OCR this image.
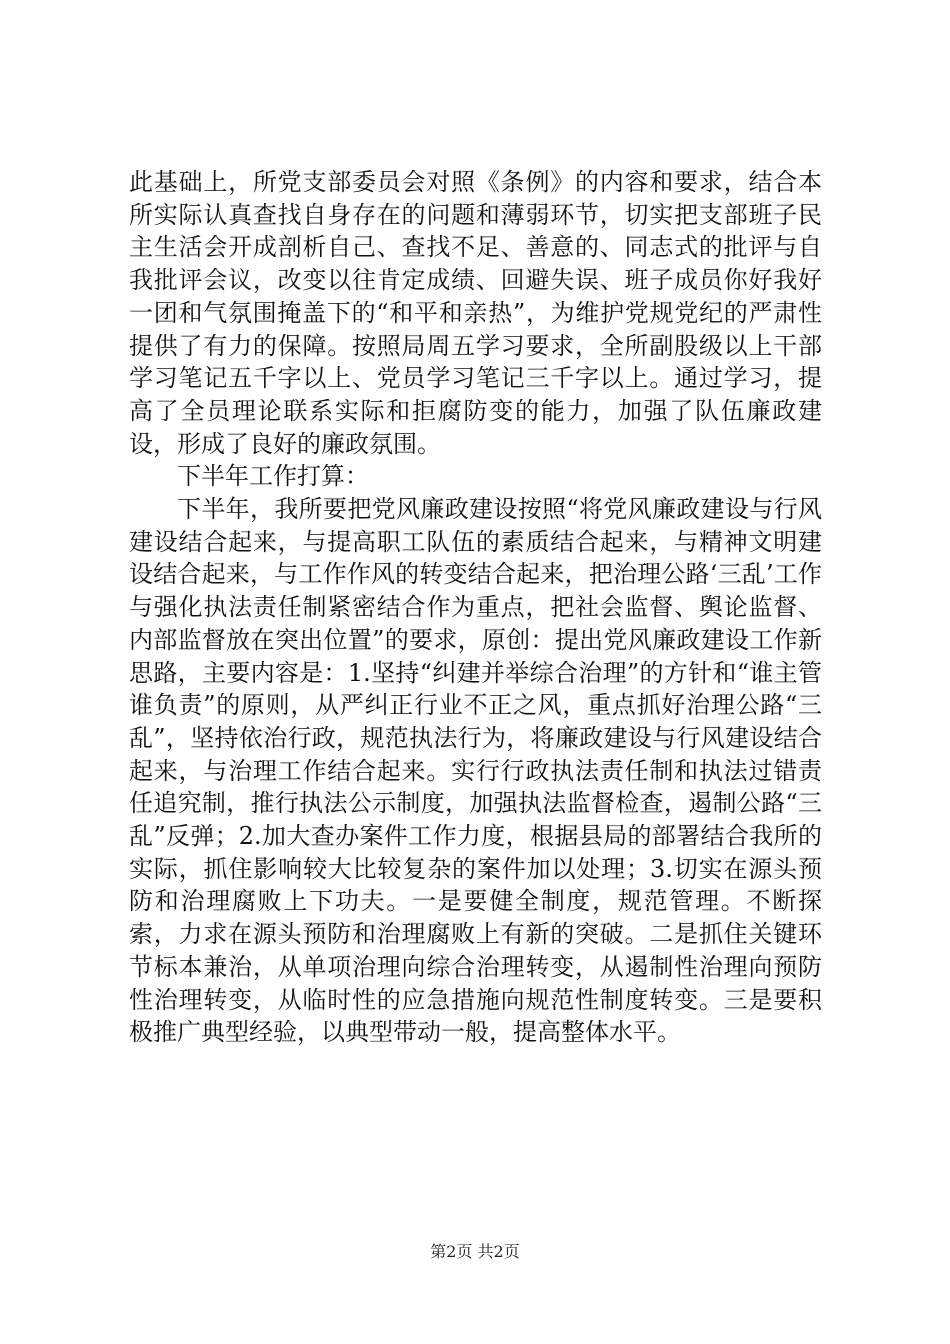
此基础上，所党支部委员会对照《条例》的内容和要求，结合本所实际认真查找自身存在的问题和薄弱环节，切实把支部班子民主生活会开成剖析自己、查找不足、善意的、同志式的批评与自我批评会议，改变以往肯定成绩、回避失误、班子成员你好我好一团和气氛围掩盖下的“和平和亲热”，为维护党规党纪的严肃性提供了有力的保障。按照局周五学习要求，全所副股级以上干部学习笔记五千字以上、党员学习笔记三千字以上。通过学习，提高了全员理论联系实际和拒腐防变的能力，加强了队伍廉政建设，形成了良好的廉政氛围。

下半年工作打算：

下半年，我所要把党风廉政建设按照“将党风廉政建设与行风建设结合起来，与提高职工队伍的素质结合起来，与精神文明建设结合起来，与工作作风的转变结合起来，把治理公路‘三乱’工作与强化执法责任制紧密结合作为重点，把社会监督、舆论监督、内部监督放在突出位置”的要求，原创：提出党风廉政建设工作新思路，主要内容是：1.坚持“纠建并举综合治理”的方针和“谁主管谁负责”的原则，从严纠正行业不正之风，重点抓好治理公路“三乱”，坚持依治行政，规范执法行为，将廉政建设与行风建设结合起来，与治理工作结合起来。实行行政执法责任制和执法过错责任追究制，推行执法公示制度，加强执法监督检查，遏制公路“三乱”反弹；2.加大查办案件工作力度，根据县局的部署结合我所的实际，抓住影响较大比较复杂的案件加以处理；3.切实在源头预防和治理腐败上下功夫。一是要健全制度，规范管理。不断探索，力求在源头预防和治理腐败上有新的突破。二是抓住关键环节标本兼治，从单项治理向综合治理转变，从遏制性治理向预防性治理转变，从临时性的应急措施向规范性制度转变。三是要积极推广典型经验，以典型带动一般，提高整体水平。

第2页 共2页
